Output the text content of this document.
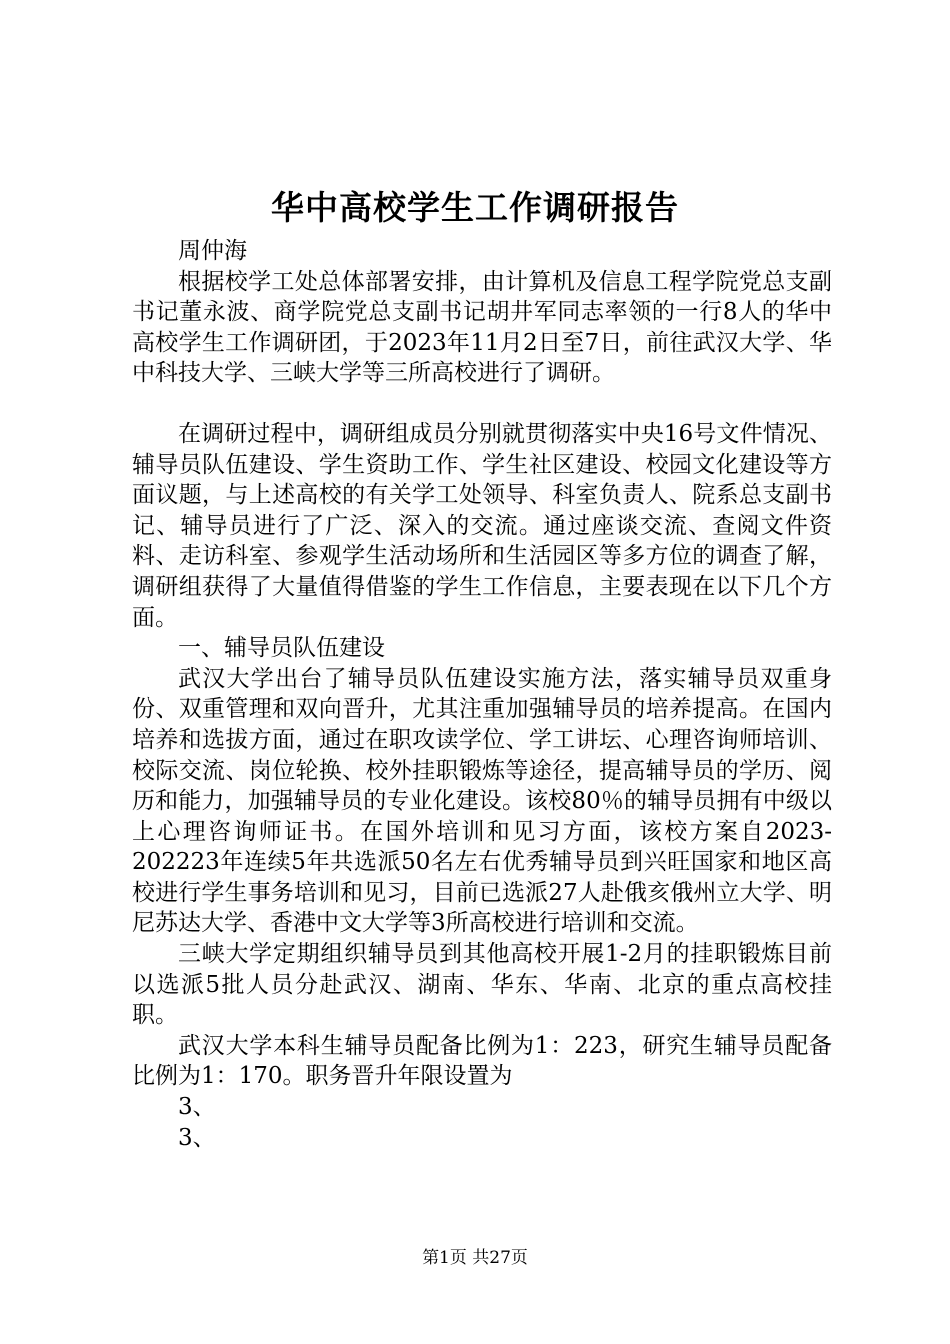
华中高校学生工作调研报告

周仲海

根据校学工处总体部署安排，由计算机及信息工程学院党总支副书记董永波、商学院党总支副书记胡井军同志率领的一行8人的华中高校学生工作调研团，于2023年11月2日至7日，前往武汉大学、华中科技大学、三峡大学等三所高校进行了调研。

在调研过程中，调研组成员分别就贯彻落实中央16号文件情况、辅导员队伍建设、学生资助工作、学生社区建设、校园文化建设等方面议题，与上述高校的有关学工处领导、科室负责人、院系总支副书记、辅导员进行了广泛、深入的交流。通过座谈交流、查阅文件资料、走访科室、参观学生活动场所和生活园区等多方位的调查了解，调研组获得了大量值得借鉴的学生工作信息，主要表现在以下几个方面。

一、辅导员队伍建设

武汉大学出台了辅导员队伍建设实施方法，落实辅导员双重身份、双重管理和双向晋升，尤其注重加强辅导员的培养提高。在国内培养和选拔方面，通过在职攻读学位、学工讲坛、心理咨询师培训、校际交流、岗位轮换、校外挂职锻炼等途径，提高辅导员的学历、阅历和能力，加强辅导员的专业化建设。该校80％的辅导员拥有中级以上心理咨询师证书。在国外培训和见习方面，该校方案自2023-202223年连续5年共选派50名左右优秀辅导员到兴旺国家和地区高校进行学生事务培训和见习，目前已选派27人赴俄亥俄州立大学、明尼苏达大学、香港中文大学等3所高校进行培训和交流。

三峡大学定期组织辅导员到其他高校开展1-2月的挂职锻炼目前以选派5批人员分赴武汉、湖南、华东、华南、北京的重点高校挂职。

武汉大学本科生辅导员配备比例为1：223，研究生辅导员配备比例为1：170。职务晋升年限设置为

3、

3、

第1页 共27页
